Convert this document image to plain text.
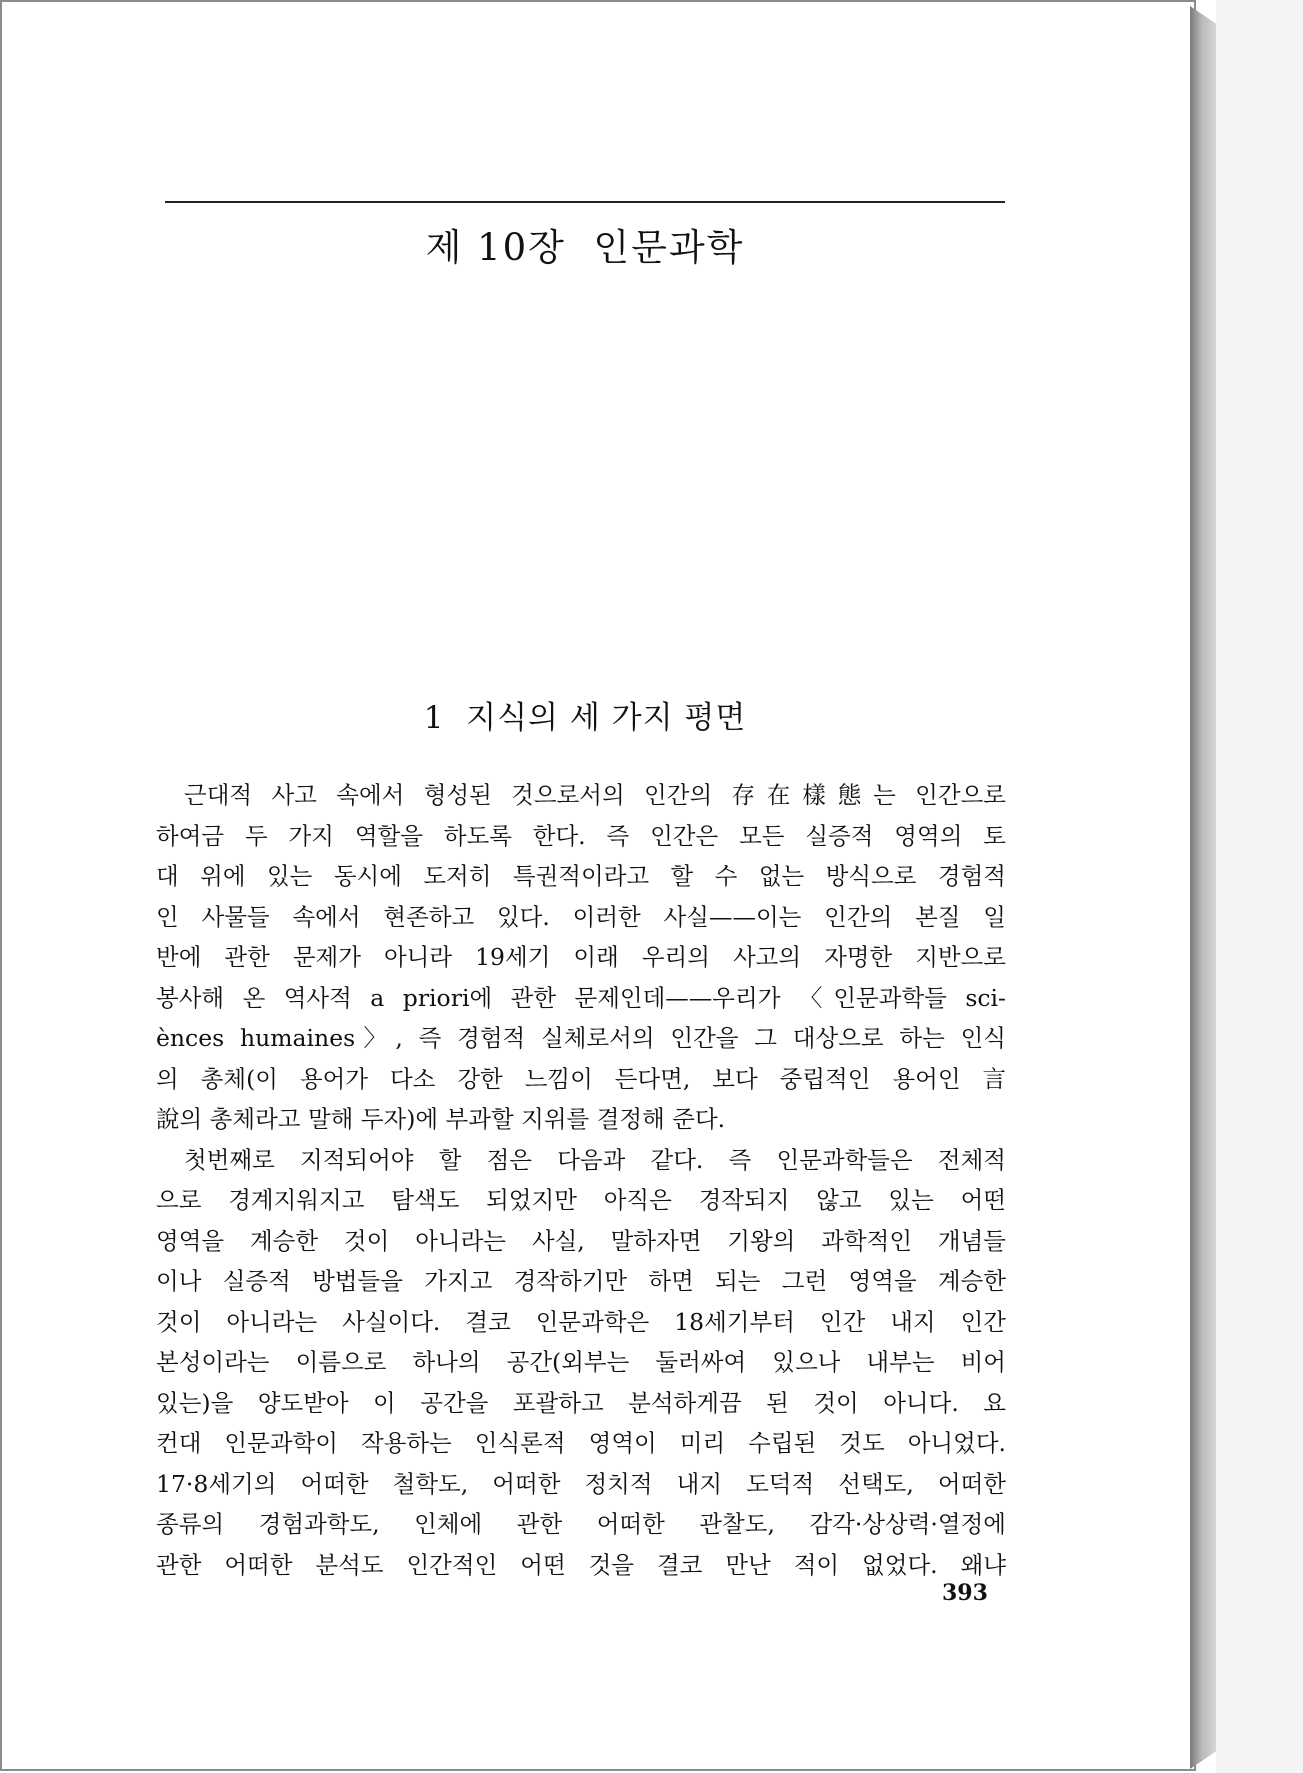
제 10장  인문과학
1  지식의 세 가지 평면
근대적 사고 속에서 형성된 것으로서의 인간의 存在樣態는 인간으로
하여금 두 가지 역할을 하도록 한다. 즉 인간은 모든 실증적 영역의 토
대 위에 있는 동시에 도저히 특권적이라고 할 수 없는 방식으로 경험적
인 사물들 속에서 현존하고 있다. 이러한 사실——이는 인간의 본질 일
반에 관한 문제가 아니라 19세기 이래 우리의 사고의 자명한 지반으로
봉사해 온 역사적 a priori에 관한 문제인데——우리가 〈인문과학들 sci-
ènces humaines〉, 즉 경험적 실체로서의 인간을 그 대상으로 하는 인식
의 총체(이 용어가 다소 강한 느낌이 든다면, 보다 중립적인 용어인 言
說의 총체라고 말해 두자)에 부과할 지위를 결정해 준다.
첫번째로 지적되어야 할 점은 다음과 같다. 즉 인문과학들은 전체적
으로 경계지워지고 탐색도 되었지만 아직은 경작되지 않고 있는 어떤
영역을 계승한 것이 아니라는 사실, 말하자면 기왕의 과학적인 개념들
이나 실증적 방법들을 가지고 경작하기만 하면 되는 그런 영역을 계승한
것이 아니라는 사실이다. 결코 인문과학은 18세기부터 인간 내지 인간
본성이라는 이름으로 하나의 공간(외부는 둘러싸여 있으나 내부는 비어
있는)을 양도받아 이 공간을 포괄하고 분석하게끔 된 것이 아니다. 요
컨대 인문과학이 작용하는 인식론적 영역이 미리 수립된 것도 아니었다.
17·8세기의 어떠한 철학도, 어떠한 정치적 내지 도덕적 선택도, 어떠한
종류의 경험과학도, 인체에 관한 어떠한 관찰도, 감각·상상력·열정에
관한 어떠한 분석도 인간적인 어떤 것을 결코 만난 적이 없었다. 왜냐
393
